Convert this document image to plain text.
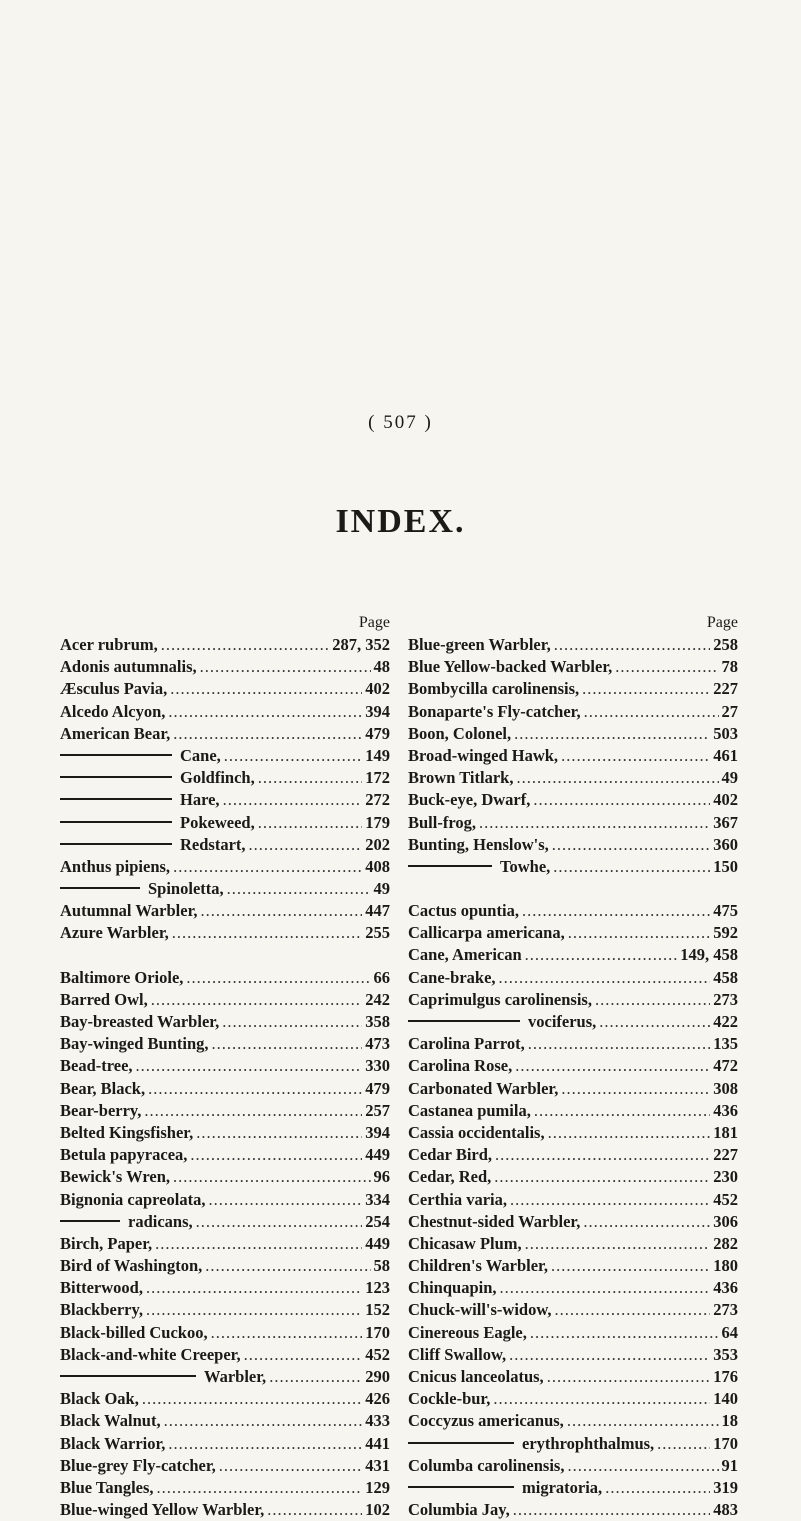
( 507 )
INDEX.
Page
Acer rubrum, .....	287, 352
Adonis autumnalis, .....	48
Æsculus Pavia, .....	402
Alcedo Alcyon, .....	394
American Bear, .....	479
Cane, .....	149
Goldfinch, .....	172
Hare, .....	272
Pokeweed, .....	179
Redstart, .....	202
Anthus pipiens, .....	408
Spinoletta, .....	49
Autumnal Warbler, .....	447
Azure Warbler, .....	255
Baltimore Oriole, .....	66
Barred Owl, .....	242
Bay-breasted Warbler, .....	358
Bay-winged Bunting, .....	473
Bead-tree, .....	330
Bear, Black, .....	479
Bear-berry, .....	257
Belted Kingsfisher, .....	394
Betula papyracea, .....	449
Bewick's Wren, .....	96
Bignonia capreolata, .....	334
radicans, .....	254
Birch, Paper, .....	449
Bird of Washington, .....	58
Bitterwood, .....	123
Blackberry, .....	152
Black-billed Cuckoo, .....	170
Black-and-white Creeper, .....	452
Warbler, .....	290
Black Oak, .....	426
Black Walnut, .....	433
Black Warrior, .....	441
Blue-grey Fly-catcher, .....	431
Blue Tangles, .....	129
Blue-winged Yellow Warbler, .....	102
Page
Blue-green Warbler, .....	258
Blue Yellow-backed Warbler, .....	78
Bombycilla carolinensis, .....	227
Bonaparte's Fly-catcher, .....	27
Boon, Colonel, .....	503
Broad-winged Hawk, .....	461
Brown Titlark, .....	49
Buck-eye, Dwarf, .....	402
Bull-frog, .....	367
Bunting, Henslow's, .....	360
Towhe, .....	150
Cactus opuntia, .....	475
Callicarpa americana, .....	592
Cane, American .....	149, 458
Cane-brake, .....	458
Caprimulgus carolinensis, .....	273
vociferus, .....	422
Carolina Parrot, .....	135
Carolina Rose, .....	472
Carbonated Warbler, .....	308
Castanea pumila, .....	436
Cassia occidentalis, .....	181
Cedar Bird, .....	227
Cedar, Red, .....	230
Certhia varia, .....	452
Chestnut-sided Warbler, .....	306
Chicasaw Plum, .....	282
Children's Warbler, .....	180
Chinquapin, .....	436
Chuck-will's-widow, .....	273
Cinereous Eagle, .....	64
Cliff Swallow, .....	353
Cnicus lanceolatus, .....	176
Cockle-bur, .....	140
Coccyzus americanus, .....	18
erythrophthalmus, .....	170
Columba carolinensis, .....	91
migratoria, .....	319
Columbia Jay, .....	483
